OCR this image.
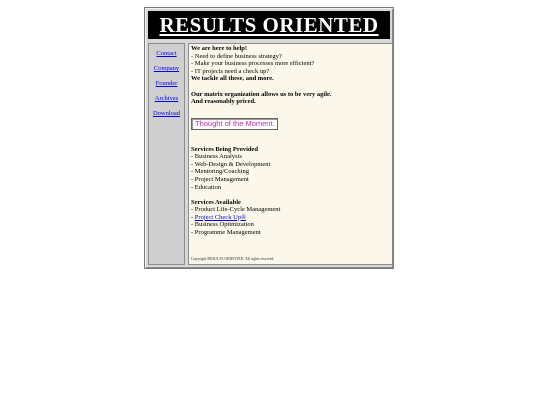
RESULTS ORIENTED
Contact
Company
Founder
Archives
Download
We are here to help!
- Need to define business strategy?
- Make your business processes more efficient?
- IT projects need a check up?
We tackle all these, and more.
Our matrix organization allows us to be very agile.
And reasonably priced.
Thought of the Moment.
Services Being Provided
- Business Analysis
- Web-Design & Development
- Mentoring/Coaching
- Project Management
- Education
Services Available
- Product Life-Cycle Management
- Project Check Up®
- Business Optimization
- Programme Management
Copyright RESULTS ORIENTED. All rights reserved.
